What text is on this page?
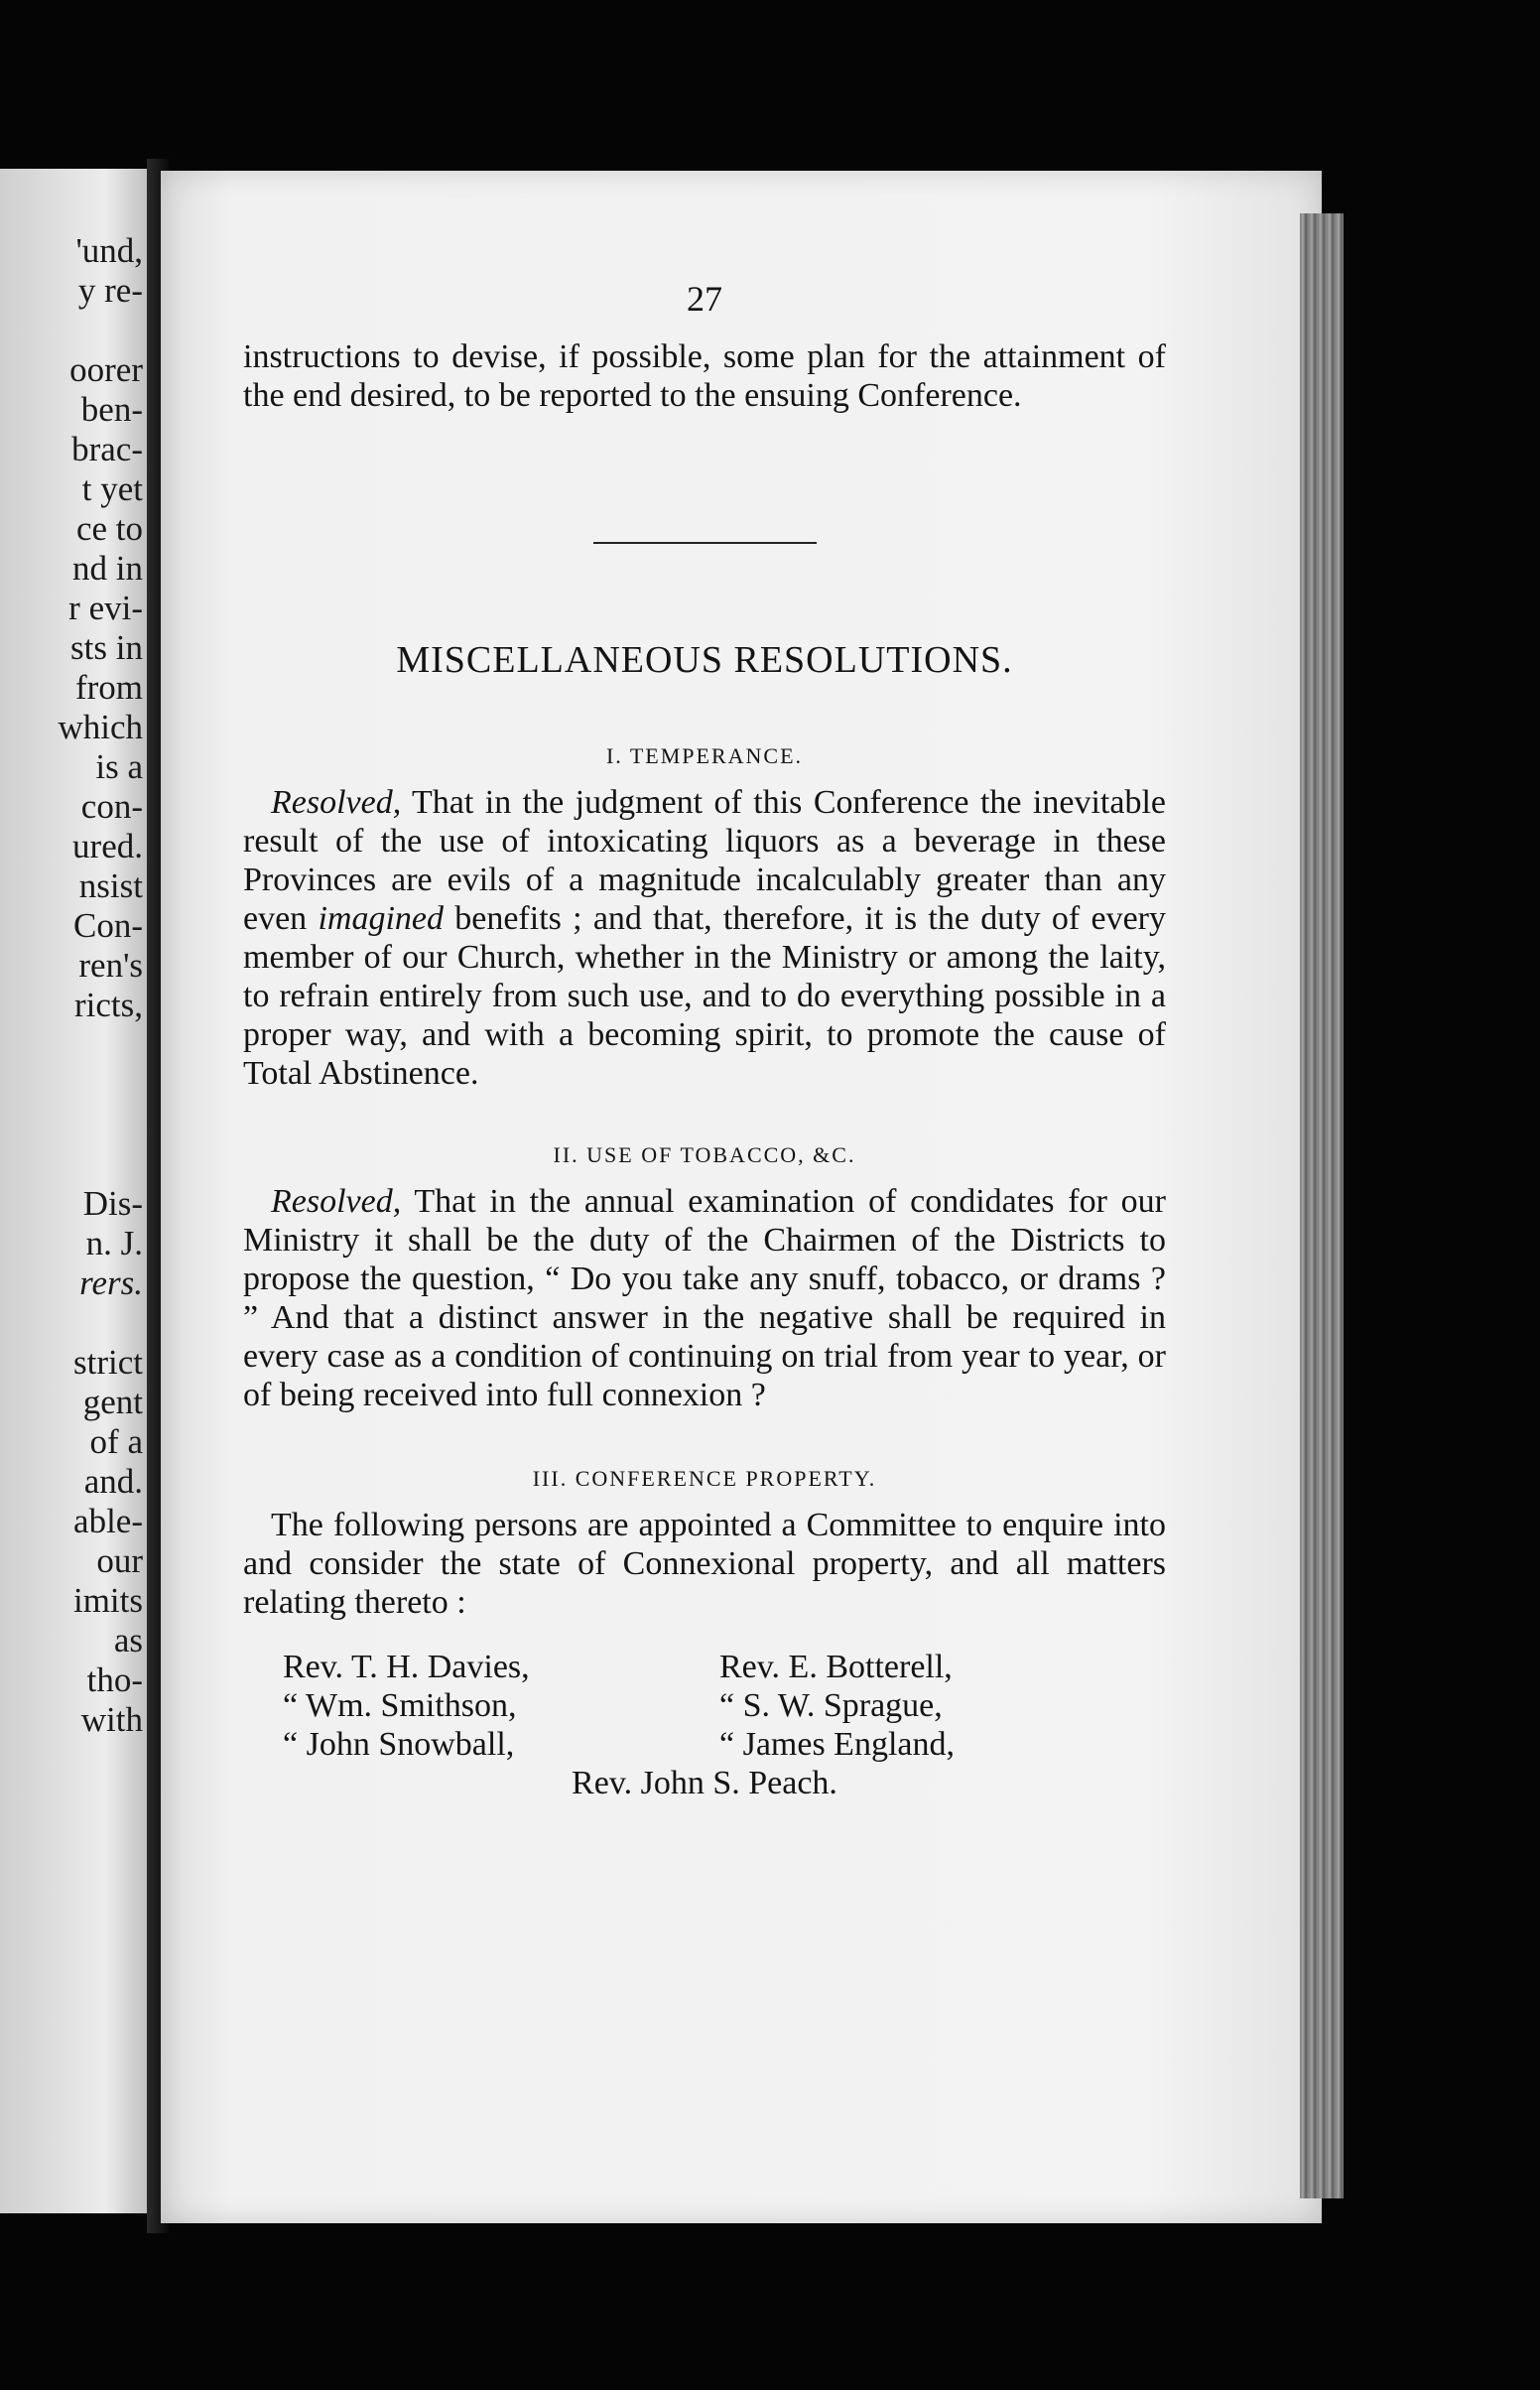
'und,
y re-
oorer
ben-
brac-
t yet
ce to
nd in
r evi-
sts in
from
which
is a
con-
ured.
nsist
Con-
ren's
ricts,
Dis-
n. J.
rers.
strict
gent
of a
and.
able-
our
imits
as
tho-
with

27

instructions to devise, if possible, some plan for the attainment of the end desired, to be reported to the ensuing Conference.

MISCELLANEOUS RESOLUTIONS.
I. TEMPERANCE.

Resolved, That in the judgment of this Conference the inevitable result of the use of intoxicating liquors as a beverage in these Provinces are evils of a magnitude incalculably greater than any even imagined benefits ; and that, therefore, it is the duty of every member of our Church, whether in the Ministry or among the laity, to refrain entirely from such use, and to do everything possible in a proper way, and with a becoming spirit, to promote the cause of Total Abstinence.

II. USE OF TOBACCO, &C.

Resolved, That in the annual examination of condidates for our Ministry it shall be the duty of the Chairmen of the Districts to propose the question, “ Do you take any snuff, tobacco, or drams ? ” And that a distinct answer in the negative shall be required in every case as a condition of continuing on trial from year to year, or of being received into full connexion ?

III. CONFERENCE PROPERTY.

The following persons are appointed a Committee to enquire into and consider the state of Connexional property, and all matters relating thereto :

Rev. T. H. Davies,	Rev. E. Botterell,
“ Wm. Smithson,	“ S. W. Sprague,
“ John Snowball,	“ James England,
Rev. John S. Peach.
